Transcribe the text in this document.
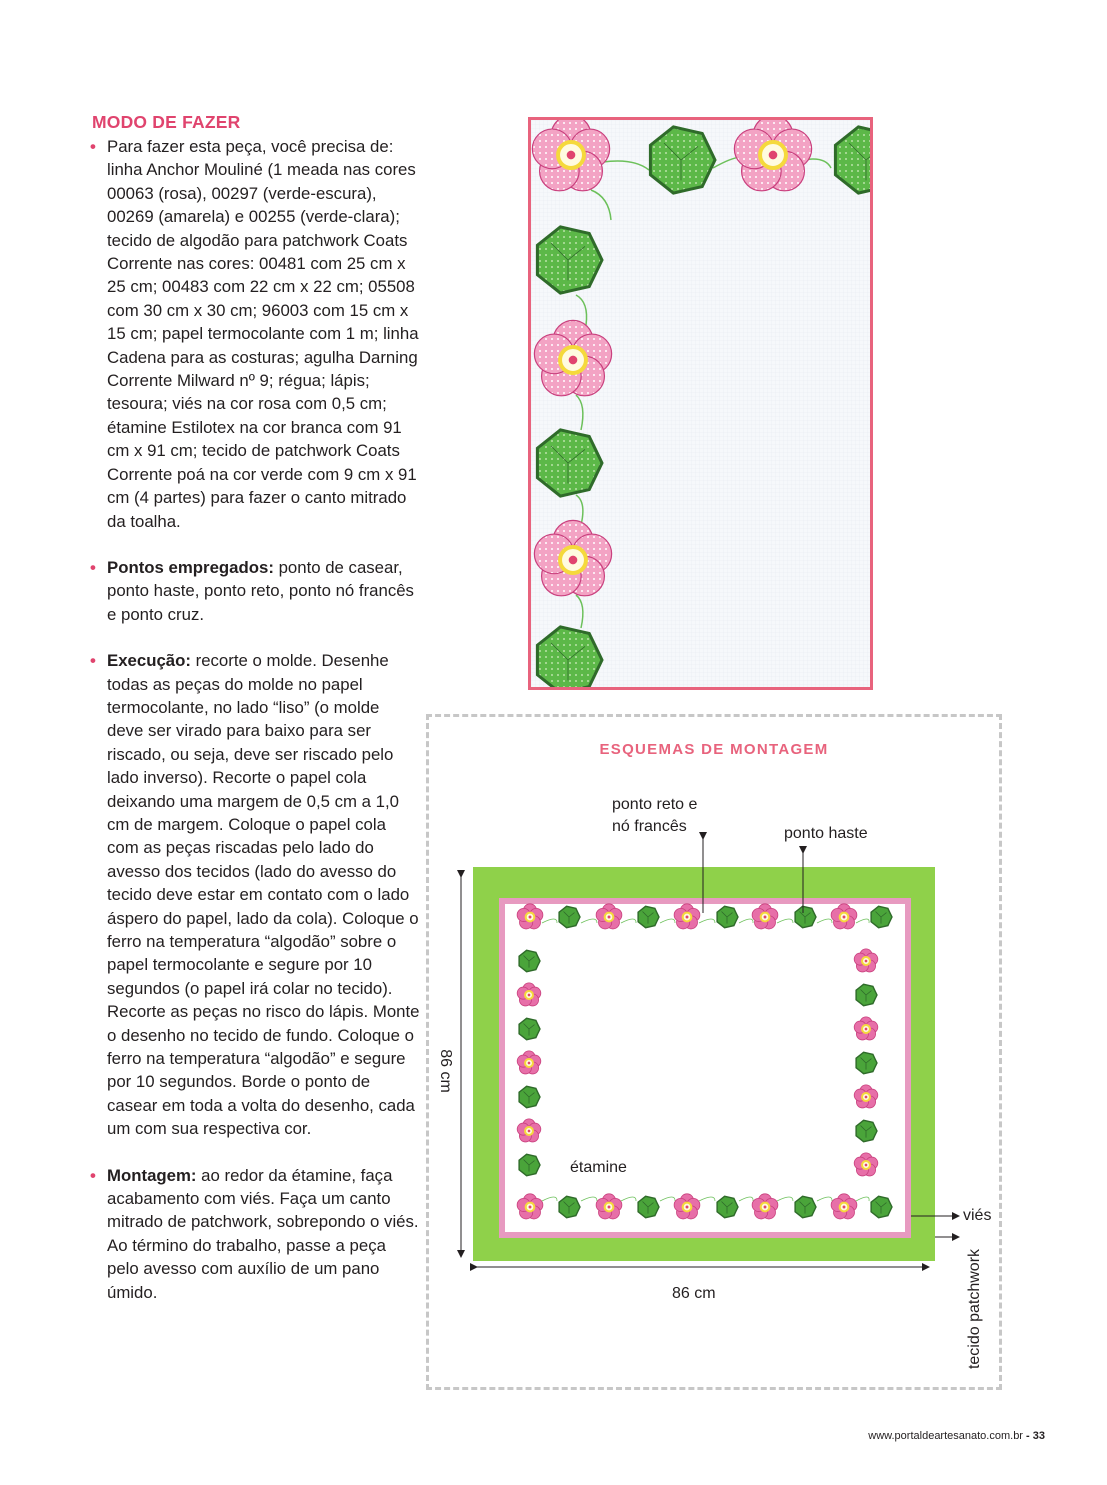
MODO DE FAZER
• Para fazer esta peça, você precisa de: linha Anchor Mouliné (1 meada nas cores 00063 (rosa), 00297 (verde-escura), 00269 (amarela) e 00255 (verde-clara); tecido de algodão para patchwork Coats Corrente nas cores: 00481 com 25 cm x 25 cm; 00483 com 22 cm x 22 cm; 05508 com 30 cm x 30 cm; 96003 com 15 cm x 15 cm; papel termocolante com 1 m; linha Cadena para as costuras; agulha Darning Corrente Milward nº 9; régua; lápis; tesoura; viés na cor rosa com 0,5 cm; étamine Estilotex na cor branca com 91 cm x 91 cm; tecido de patchwork Coats Corrente poá na cor verde com 9 cm x 91 cm (4 partes) para fazer o canto mitrado da toalha.
• Pontos empregados: ponto de casear, ponto haste, ponto reto, ponto nó francês e ponto cruz.
• Execução: recorte o molde. Desenhe todas as peças do molde no papel termocolante, no lado “liso” (o molde deve ser virado para baixo para ser riscado, ou seja, deve ser riscado pelo lado inverso). Recorte o papel cola deixando uma margem de 0,5 cm a 1,0 cm de margem. Coloque o papel cola com as peças riscadas pelo lado do avesso dos tecidos (lado do avesso do tecido deve estar em contato com o lado áspero do papel, lado da cola). Coloque o ferro na temperatura “algodão” sobre o papel termocolante e segure por 10 segundos (o papel irá colar no tecido). Recorte as peças no risco do lápis. Monte o desenho no tecido de fundo. Coloque o ferro na temperatura “algodão” e segure por 10 segundos. Borde o ponto de casear em toda a volta do desenho, cada um com sua respectiva cor.
• Montagem: ao redor da étamine, faça acabamento com viés. Faça um canto mitrado de patchwork, sobrepondo o viés. Ao término do trabalho, passe a peça pelo avesso com auxílio de um pano úmido.
ESQUEMAS DE MONTAGEM
ponto reto e
nó francês	ponto haste
étamine
viés
86 cm
86 cm
tecido patchwork
www.portaldeartesanato.com.br - 33
